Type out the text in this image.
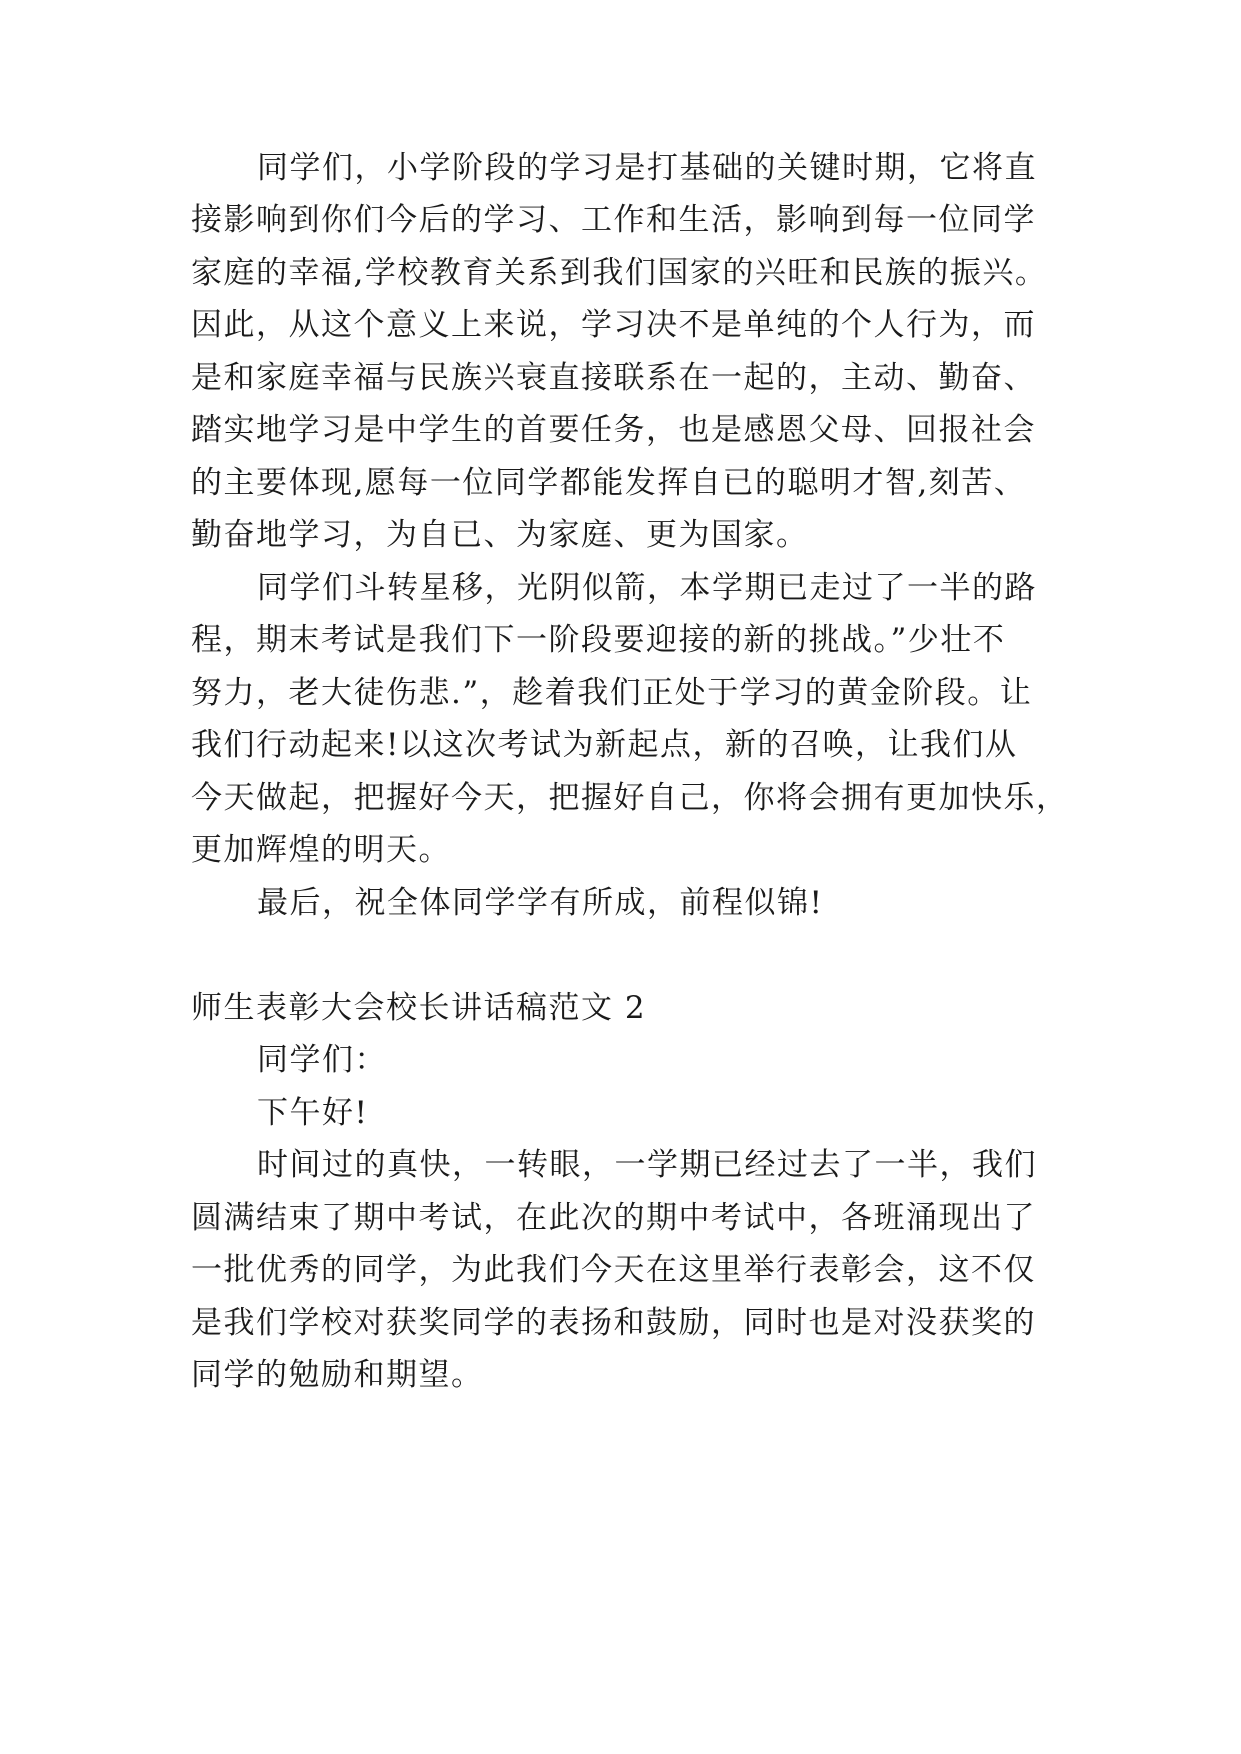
同学们，小学阶段的学习是打基础的关键时期，它将直
接影响到你们今后的学习、工作和生活，影响到每一位同学
家庭的幸福,学校教育关系到我们国家的兴旺和民族的振兴。
因此，从这个意义上来说，学习决不是单纯的个人行为，而
是和家庭幸福与民族兴衰直接联系在一起的，主动、勤奋、
踏实地学习是中学生的首要任务，也是感恩父母、回报社会
的主要体现,愿每一位同学都能发挥自已的聪明才智,刻苦、
勤奋地学习，为自已、为家庭、更为国家。
同学们斗转星移，光阴似箭，本学期已走过了一半的路
程，期末考试是我们下一阶段要迎接的新的挑战。”少壮不
努力，老大徒伤悲.”，趁着我们正处于学习的黄金阶段。让
我们行动起来!以这次考试为新起点，新的召唤，让我们从
今天做起，把握好今天，把握好自己，你将会拥有更加快乐，
更加辉煌的明天。
最后，祝全体同学学有所成，前程似锦!
师生表彰大会校长讲话稿范文 2
同学们：
下午好!
时间过的真快，一转眼，一学期已经过去了一半，我们
圆满结束了期中考试，在此次的期中考试中，各班涌现出了
一批优秀的同学，为此我们今天在这里举行表彰会，这不仅
是我们学校对获奖同学的表扬和鼓励，同时也是对没获奖的
同学的勉励和期望。
